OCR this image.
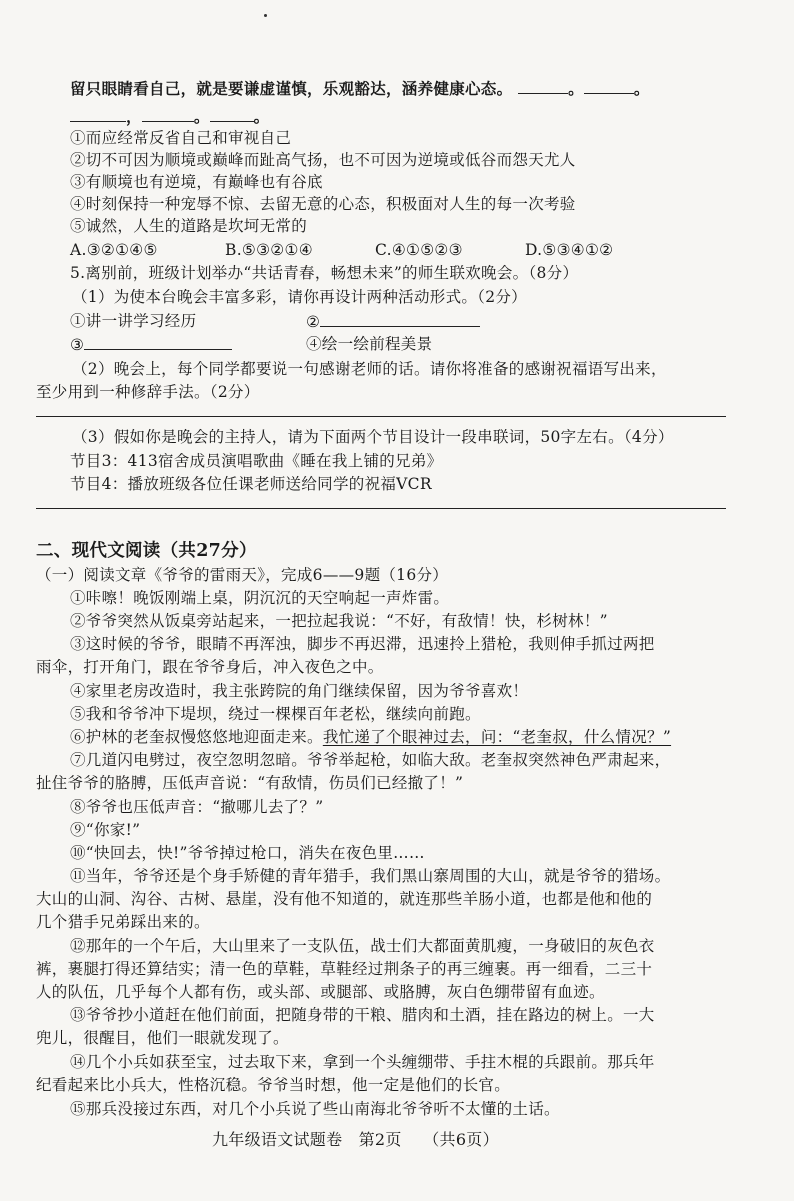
留只眼睛看自己，就是要谦虚谨慎，乐观豁达，涵养健康心态。	。	。
，	。	。
①而应经常反省自己和审视自己
②切不可因为顺境或巅峰而趾高气扬，也不可因为逆境或低谷而怨天尤人
③有顺境也有逆境，有巅峰也有谷底
④时刻保持一种宠辱不惊、去留无意的心态，积极面对人生的每一次考验
⑤诚然，人生的道路是坎坷无常的
A.③②①④⑤	B.⑤③②①④	C.④①⑤②③	D.⑤③④①②
5.离别前，班级计划举办“共话青春，畅想未来”的师生联欢晚会。（8分）
（1）为使本台晚会丰富多彩，请你再设计两种活动形式。（2分）
①讲一讲学习经历	②
③	④绘一绘前程美景
（2）晚会上，每个同学都要说一句感谢老师的话。请你将准备的感谢祝福语写出来，
至少用到一种修辞手法。（2分）
（3）假如你是晚会的主持人，请为下面两个节目设计一段串联词，50字左右。（4分）
节目3：413宿舍成员演唱歌曲《睡在我上铺的兄弟》
节目4：播放班级各位任课老师送给同学的祝福VCR
二、现代文阅读（共27分）
（一）阅读文章《爷爷的雷雨天》，完成6——9题（16分）
①咔嚓！晚饭刚端上桌，阴沉沉的天空响起一声炸雷。
②爷爷突然从饭桌旁站起来，一把拉起我说：“不好，有敌情！快，杉树林！”
③这时候的爷爷，眼睛不再浑浊，脚步不再迟滞，迅速拎上猎枪，我则伸手抓过两把
雨伞，打开角门，跟在爷爷身后，冲入夜色之中。
④家里老房改造时，我主张跨院的角门继续保留，因为爷爷喜欢！
⑤我和爷爷冲下堤坝，绕过一棵棵百年老松，继续向前跑。
⑥护林的老奎叔慢悠悠地迎面走来。我忙递了个眼神过去，问：“老奎叔，什么情况？”
⑦几道闪电劈过，夜空忽明忽暗。爷爷举起枪，如临大敌。老奎叔突然神色严肃起来，
扯住爷爷的胳膊，压低声音说：“有敌情，伤员们已经撤了！”
⑧爷爷也压低声音：“撤哪儿去了？”
⑨“你家!”
⑩“快回去，快!”爷爷掉过枪口，消失在夜色里……
⑪当年，爷爷还是个身手矫健的青年猎手，我们黑山寨周围的大山，就是爷爷的猎场。
大山的山洞、沟谷、古树、悬崖，没有他不知道的，就连那些羊肠小道，也都是他和他的
几个猎手兄弟踩出来的。
⑫那年的一个午后，大山里来了一支队伍，战士们大都面黄肌瘦，一身破旧的灰色衣
裤，裹腿打得还算结实；清一色的草鞋，草鞋经过荆条子的再三缠裹。再一细看，二三十
人的队伍，几乎每个人都有伤，或头部、或腿部、或胳膊，灰白色绷带留有血迹。
⑬爷爷抄小道赶在他们前面，把随身带的干粮、腊肉和土酒，挂在路边的树上。一大
兜儿，很醒目，他们一眼就发现了。
⑭几个小兵如获至宝，过去取下来，拿到一个头缠绷带、手拄木棍的兵跟前。那兵年
纪看起来比小兵大，性格沉稳。爷爷当时想，他一定是他们的长官。
⑮那兵没接过东西，对几个小兵说了些山南海北爷爷听不太懂的土话。
九年级语文试题卷 第2页 （共6页）
